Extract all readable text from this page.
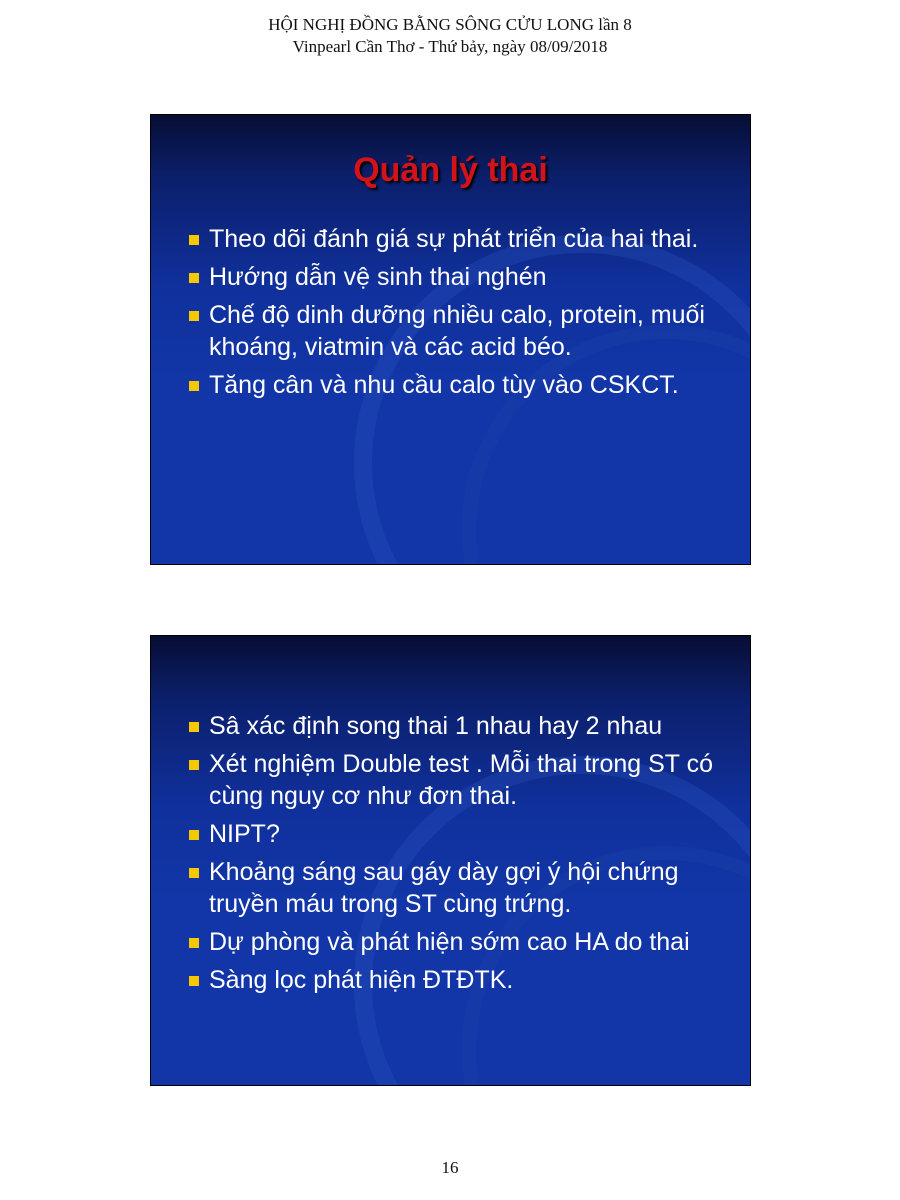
HỘI NGHỊ ĐỒNG BẰNG SÔNG CỬU LONG lần 8
Vinpearl Cần Thơ - Thứ bảy, ngày 08/09/2018
Quản lý thai
Theo dõi đánh giá sự phát triển của hai thai.
Hướng dẫn vệ sinh thai nghén
Chế độ dinh dưỡng nhiều calo, protein, muối khoáng, viatmin và các acid béo.
Tăng cân và nhu cầu calo tùy vào CSKCT.
Sâ xác định song thai 1 nhau hay 2 nhau
Xét nghiệm Double test . Mỗi thai trong ST có cùng nguy cơ như đơn thai.
NIPT?
Khoảng sáng sau gáy dày gợi ý hội chứng truyền máu trong ST cùng trứng.
Dự phòng và phát hiện sớm cao HA do thai
Sàng lọc phát hiện ĐTĐTK.
16
